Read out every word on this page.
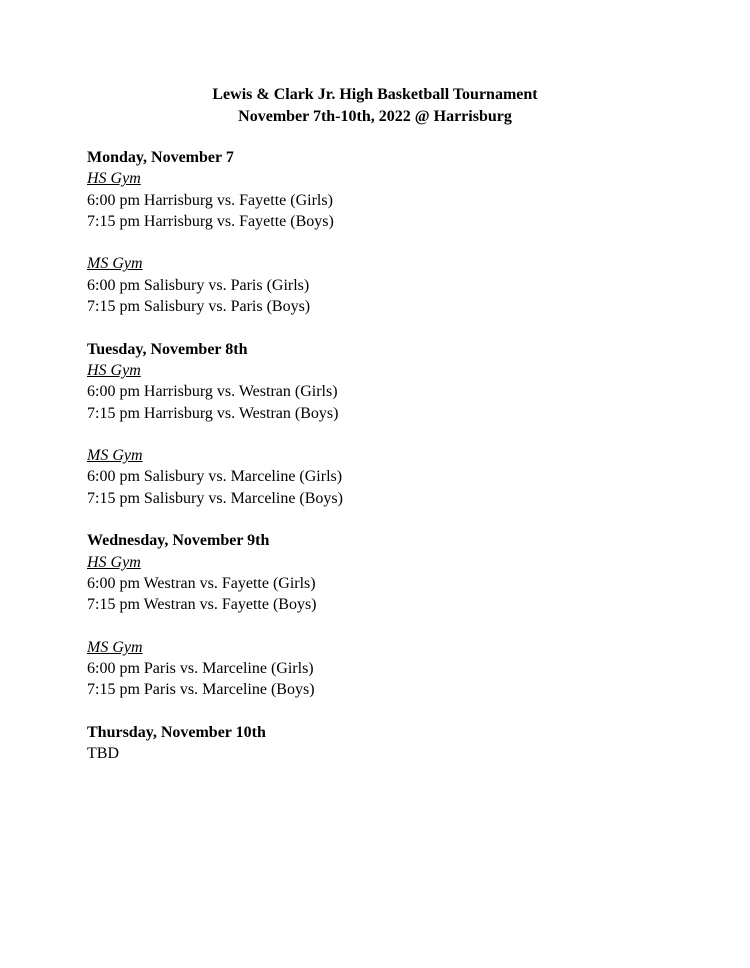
Lewis & Clark Jr. High Basketball Tournament
November 7th-10th, 2022 @ Harrisburg
Monday, November 7
HS Gym
6:00 pm Harrisburg vs. Fayette (Girls)
7:15 pm Harrisburg vs. Fayette (Boys)
MS Gym
6:00 pm Salisbury vs. Paris (Girls)
7:15 pm Salisbury vs. Paris (Boys)
Tuesday, November 8th
HS Gym
6:00 pm Harrisburg vs. Westran (Girls)
7:15 pm Harrisburg vs. Westran (Boys)
MS Gym
6:00 pm Salisbury vs. Marceline (Girls)
7:15 pm Salisbury vs. Marceline (Boys)
Wednesday, November 9th
HS Gym
6:00 pm Westran vs. Fayette (Girls)
7:15 pm Westran vs. Fayette (Boys)
MS Gym
6:00 pm Paris vs. Marceline (Girls)
7:15 pm Paris vs. Marceline (Boys)
Thursday, November 10th
TBD
